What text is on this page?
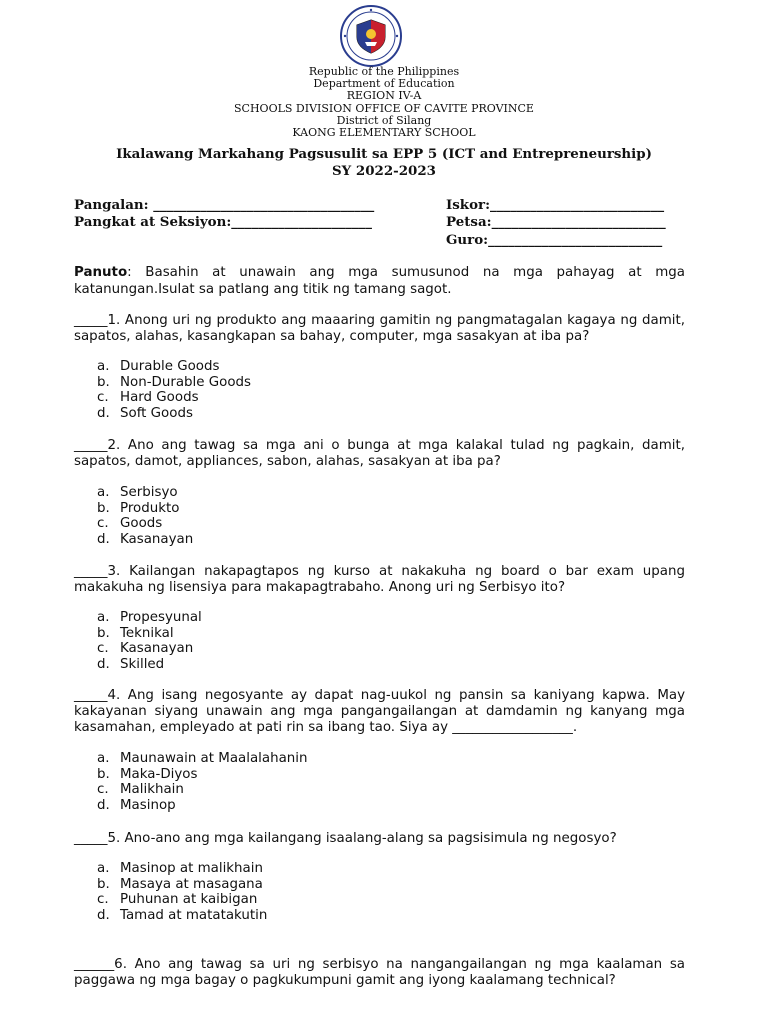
Republic of the Philippines
Department of Education
REGION IV-A
SCHOOLS DIVISION OFFICE OF CAVITE PROVINCE
District of Silang
KAONG ELEMENTARY SCHOOL
Ikalawang Markahang Pagsusulit sa EPP 5 (ICT and Entrepreneurship)
SY 2022-2023
Pangalan: _________________________________
Pangkat at Seksiyon:_____________________
Iskor:__________________________
Petsa:__________________________
Guro:__________________________
Panuto: Basahin at unawain ang mga sumusunod na mga pahayag at mga katanungan.Isulat sa patlang ang titik ng tamang sagot.
_____1. Anong uri ng produkto ang maaaring gamitin ng pangmatagalan kagaya ng damit, sapatos, alahas, kasangkapan sa bahay, computer, mga sasakyan at iba pa?
a. Durable Goods
b. Non-Durable Goods
c. Hard Goods
d. Soft Goods
_____2. Ano ang tawag sa mga ani o bunga at mga kalakal tulad ng pagkain, damit, sapatos, damot, appliances, sabon, alahas, sasakyan at iba pa?
a. Serbisyo
b. Produkto
c. Goods
d. Kasanayan
_____3. Kailangan nakapagtapos ng kurso at nakakuha ng board o bar exam upang makakuha ng lisensiya para makapagtrabaho. Anong uri ng Serbisyo ito?
a. Propesyunal
b. Teknikal
c. Kasanayan
d. Skilled
_____4. Ang isang negosyante ay dapat nag-uukol ng pansin sa kaniyang kapwa. May kakayanan siyang unawain ang mga pangangailangan at damdamin ng kanyang mga kasamahan, empleyado at pati rin sa ibang tao. Siya ay __________________.
a. Maunawain at Maalalahanin
b. Maka-Diyos
c. Malikhain
d. Masinop
_____5. Ano-ano ang mga kailangang isaalang-alang sa pagsisimula ng negosyo?
a. Masinop at malikhain
b. Masaya at masagana
c. Puhunan at kaibigan
d. Tamad at matatakutin
______6. Ano ang tawag sa uri ng serbisyo na nangangailangan ng mga kaalaman sa paggawa ng mga bagay o pagkukumpuni gamit ang iyong kaalamang technical?
